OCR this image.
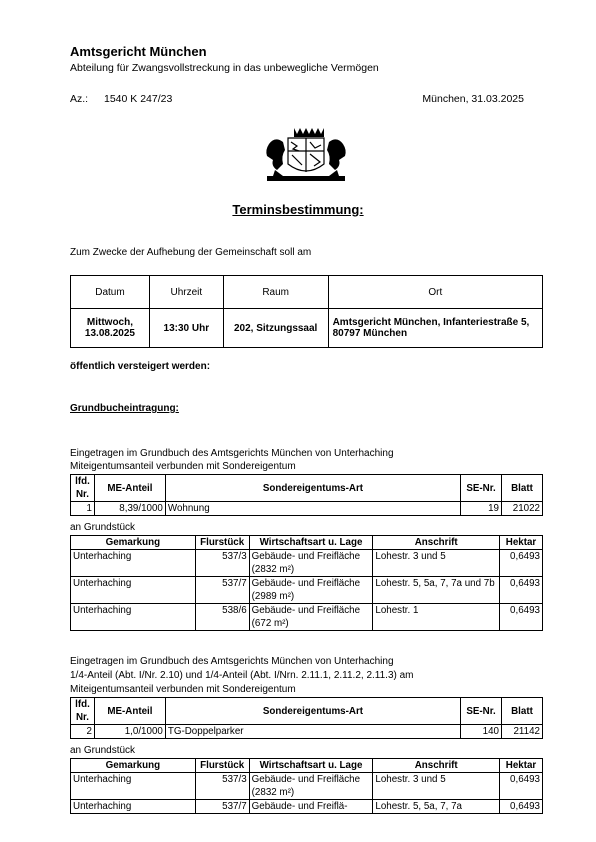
Amtsgericht München
Abteilung für Zwangsvollstreckung in das unbewegliche Vermögen
Az.: 1540 K 247/23	München, 31.03.2025
Terminsbestimmung:
Zum Zwecke der Aufhebung der Gemeinschaft soll am
Datum	Uhrzeit	Raum	Ort
Mittwoch, 13.08.2025	13:30 Uhr	202, Sitzungssaal	Amtsgericht München, Infanteriestraße 5, 80797 München
öffentlich versteigert werden:
Grundbucheintragung:
Eingetragen im Grundbuch des Amtsgerichts München von Unterhaching
Miteigentumsanteil verbunden mit Sondereigentum
lfd. Nr.	ME-Anteil	Sondereigentums-Art	SE-Nr.	Blatt
1	8,39/1000	Wohnung	19	21022
an Grundstück
Gemarkung	Flurstück	Wirtschaftsart u. Lage	Anschrift	Hektar
Unterhaching	537/3	Gebäude- und Freifläche (2832 m²)	Lohestr. 3 und 5	0,6493
Unterhaching	537/7	Gebäude- und Freifläche (2989 m²)	Lohestr. 5, 5a, 7, 7a und 7b	0,6493
Unterhaching	538/6	Gebäude- und Freifläche (672 m²)	Lohestr. 1	0,6493
Eingetragen im Grundbuch des Amtsgerichts München von Unterhaching
1/4-Anteil (Abt. I/Nr. 2.10) und 1/4-Anteil (Abt. I/Nrn. 2.11.1, 2.11.2, 2.11.3) am
Miteigentumsanteil verbunden mit Sondereigentum
lfd. Nr.	ME-Anteil	Sondereigentums-Art	SE-Nr.	Blatt
2	1,0/1000	TG-Doppelparker	140	21142
an Grundstück
Gemarkung	Flurstück	Wirtschaftsart u. Lage	Anschrift	Hektar
Unterhaching	537/3	Gebäude- und Freifläche (2832 m²)	Lohestr. 3 und 5	0,6493
Unterhaching	537/7	Gebäude- und Freiflä-	Lohestr. 5, 5a, 7, 7a	0,6493
